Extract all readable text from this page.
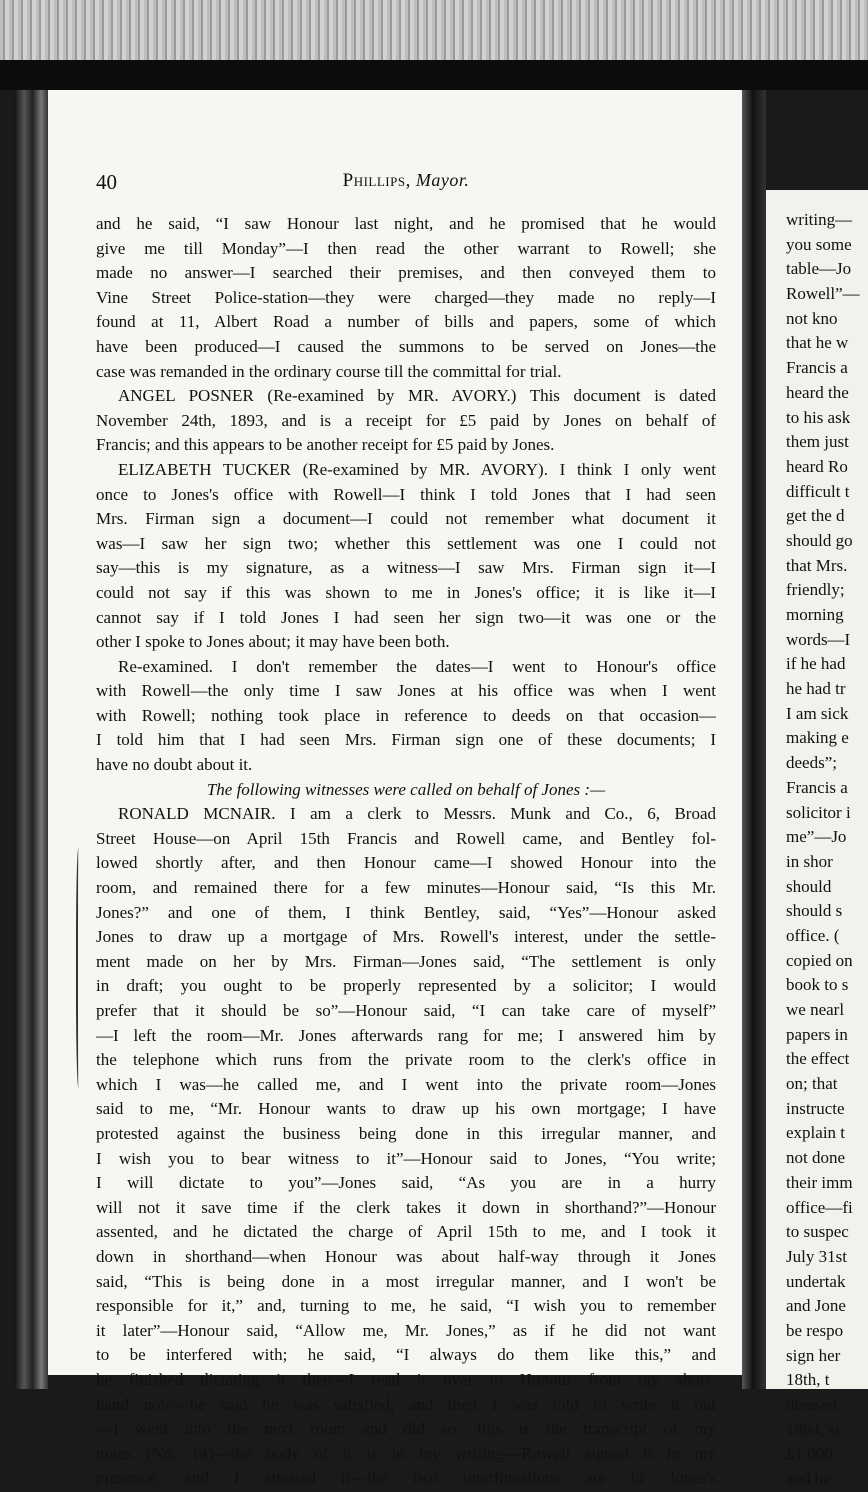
40	Phillips, Mayor.
and he said, “I saw Honour last night, and he promised that he would
give me till Monday”—I then read the other warrant to Rowell; she
made no answer—I searched their premises, and then conveyed them to
Vine Street Police-station—they were charged—they made no reply—I
found at 11, Albert Road a number of bills and papers, some of which
have been produced—I caused the summons to be served on Jones—the
case was remanded in the ordinary course till the committal for trial.
ANGEL POSNER (Re-examined by MR. AVORY.) This document is dated
November 24th, 1893, and is a receipt for £5 paid by Jones on behalf of
Francis; and this appears to be another receipt for £5 paid by Jones.
ELIZABETH TUCKER (Re-examined by MR. AVORY). I think I only went
once to Jones's office with Rowell—I think I told Jones that I had seen
Mrs. Firman sign a document—I could not remember what document it
was—I saw her sign two; whether this settlement was one I could not
say—this is my signature, as a witness—I saw Mrs. Firman sign it—I
could not say if this was shown to me in Jones's office; it is like it—I
cannot say if I told Jones I had seen her sign two—it was one or the
other I spoke to Jones about; it may have been both.
Re-examined. I don't remember the dates—I went to Honour's office
with Rowell—the only time I saw Jones at his office was when I went
with Rowell; nothing took place in reference to deeds on that occasion—
I told him that I had seen Mrs. Firman sign one of these documents; I
have no doubt about it.
The following witnesses were called on behalf of Jones :—
RONALD MCNAIR. I am a clerk to Messrs. Munk and Co., 6, Broad
Street House—on April 15th Francis and Rowell came, and Bentley fol-
lowed shortly after, and then Honour came—I showed Honour into the
room, and remained there for a few minutes—Honour said, “Is this Mr.
Jones?” and one of them, I think Bentley, said, “Yes”—Honour asked
Jones to draw up a mortgage of Mrs. Rowell's interest, under the settle-
ment made on her by Mrs. Firman—Jones said, “The settlement is only
in draft; you ought to be properly represented by a solicitor; I would
prefer that it should be so”—Honour said, “I can take care of myself”
—I left the room—Mr. Jones afterwards rang for me; I answered him by
the telephone which runs from the private room to the clerk's office in
which I was—he called me, and I went into the private room—Jones
said to me, “Mr. Honour wants to draw up his own mortgage; I have
protested against the business being done in this irregular manner, and
I wish you to bear witness to it”—Honour said to Jones, “You write;
I will dictate to you”—Jones said, “As you are in a hurry
will not it save time if the clerk takes it down in shorthand?”—Honour
assented, and he dictated the charge of April 15th to me, and I took it
down in shorthand—when Honour was about half-way through it Jones
said, “This is being done in a most irregular manner, and I won't be
responsible for it,” and, turning to me, he said, “I wish you to remember
it later”—Honour said, “Allow me, Mr. Jones,” as if he did not want
to be interfered with; he said, “I always do them like this,” and
he finished dictating it then—I read it over to Honour from my short-
hand note—he said he was satisfied, and then I was told to write it out
—I went into the next room and did so; this is the transcript of my
notes (No. 14)—the body of it is in my writing—Rowell signed it in my
presence, and I attested it—the two interlineations are in Jones's
writing—
you some
table—Jo
Rowell”—
not kno
that he w
Francis a
heard the
to his ask
them just
heard Ro
difficult t
get the d
should go
that Mrs.
friendly;
morning
words—I
if he had
he had tr
I am sick
making e
deeds”;
Francis a
solicitor i
me”—Jo
in shor
should
should s
office. (
copied on
book to s
we nearl
papers in
the effect
on; that
instructe
explain t
not done
their imm
office—fi
to suspec
July 31st
undertak
and Jone
be respo
sign her
18th, t
dressed
1894, st
£1,000
and be
